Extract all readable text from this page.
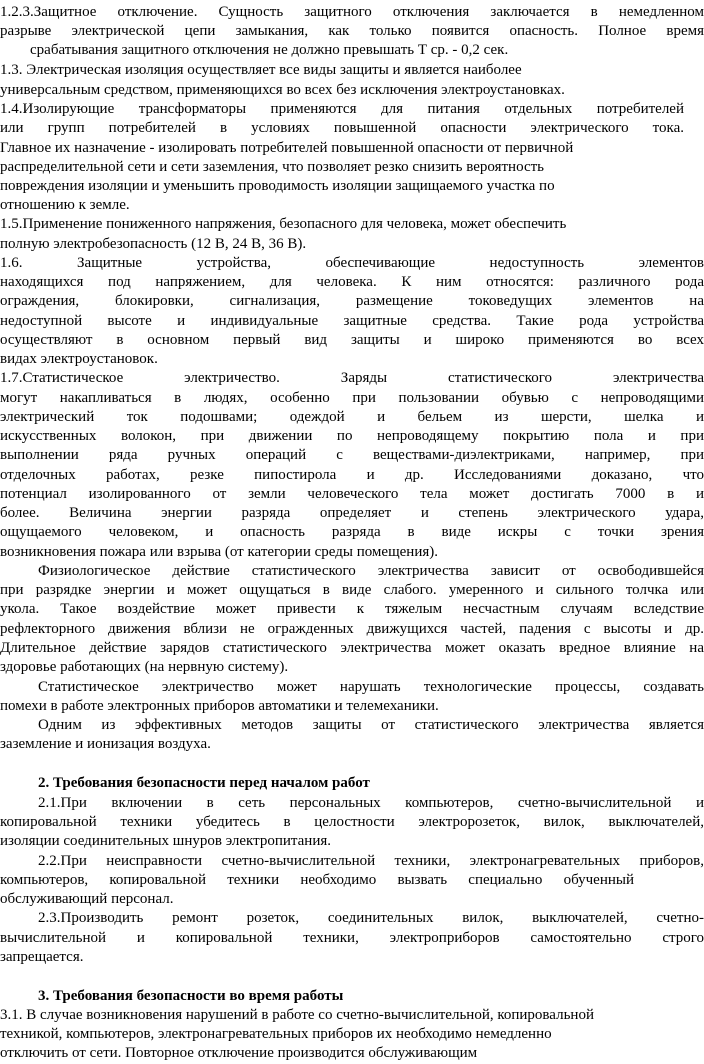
1.2.3.Защитное отключение. Сущность защитного отключения заключается в немедленном
разрыве электрической цепи замыкания, как только появится опасность. Полное время
срабатывания защитного отключения не должно превышать Т ср. - 0,2 сек.
1.3. Электрическая изоляция осуществляет все виды защиты и является наиболее
универсальным средством, применяющихся во всех без исключения электроустановках.
1.4.Изолирующие трансформаторы применяются для питания отдельных потребителей
или групп потребителей в условиях повышенной опасности электрического тока.
Главное их назначение - изолировать потребителей повышенной опасности от первичной
распределительной сети и сети заземления, что позволяет резко снизить вероятность
повреждения изоляции и уменьшить проводимость изоляции защищаемого участка по
отношению к земле.
1.5.Применение пониженного напряжения, безопасного для человека, может обеспечить
полную электробезопасность (12 В, 24 В, 36 В).
1.6. Защитные устройства, обеспечивающие недоступность элементов
находящихся под напряжением, для человека. К ним относятся: различного рода
ограждения, блокировки, сигнализация, размещение токоведущих элементов на
недоступной высоте и индивидуальные защитные средства. Такие рода устройства
осуществляют в основном первый вид защиты и широко применяются во всех
видах электроустановок.
1.7.Статистическое электричество. Заряды статистического электричества
могут накапливаться в людях, особенно при пользовании обувью с непроводящими
электрический ток подошвами; одеждой и бельем из шерсти, шелка и
искусственных волокон, при движении по непроводящему покрытию пола и при
выполнении ряда ручных операций с веществами-диэлектриками, например, при
отделочных работах, резке пипостирола и др. Исследованиями доказано, что
потенциал изолированного от земли человеческого тела может достигать 7000 в и
более. Величина энергии разряда определяет и степень электрического удара,
ощущаемого человеком, и опасность разряда в виде искры с точки зрения
возникновения пожара или взрыва (от категории среды помещения).
Физиологическое действие статистического электричества зависит от освободившейся
при разрядке энергии и может ощущаться в виде слабого. умеренного и сильного толчка или
укола. Такое воздействие может привести к тяжелым несчастным случаям вследствие
рефлекторного движения вблизи не огражденных движущихся частей, падения с высоты и др.
Длительное действие зарядов статистического электричества может оказать вредное влияние на
здоровье работающих (на нервную систему).
Статистическое электричество может нарушать технологические процессы, создавать
помехи в работе электронных приборов автоматики и телемеханики.
Одним из эффективных методов защиты от статистического электричества является
заземление и ионизация воздуха.
2. Требования безопасности перед началом работ
2.1.При включении в сеть персональных компьютеров, счетно-вычислительной и
копировальной техники убедитесь в целостности электророзеток, вилок, выключателей,
изоляции соединительных шнуров электропитания.
2.2.При неисправности счетно-вычислительной техники, электронагревательных приборов,
компьютеров, копировальной техники необходимо вызвать специально обученный
обслуживающий персонал.
2.3.Производить ремонт розеток, соединительных вилок, выключателей, счетно-
вычислительной и копировальной техники, электроприборов самостоятельно строго
запрещается.
3. Требования безопасности во время работы
3.1. В случае возникновения нарушений в работе со счетно-вычислительной, копировальной
техникой, компьютеров, электронагревательных приборов их необходимо немедленно
отключить от сети. Повторное отключение производится обслуживающим
